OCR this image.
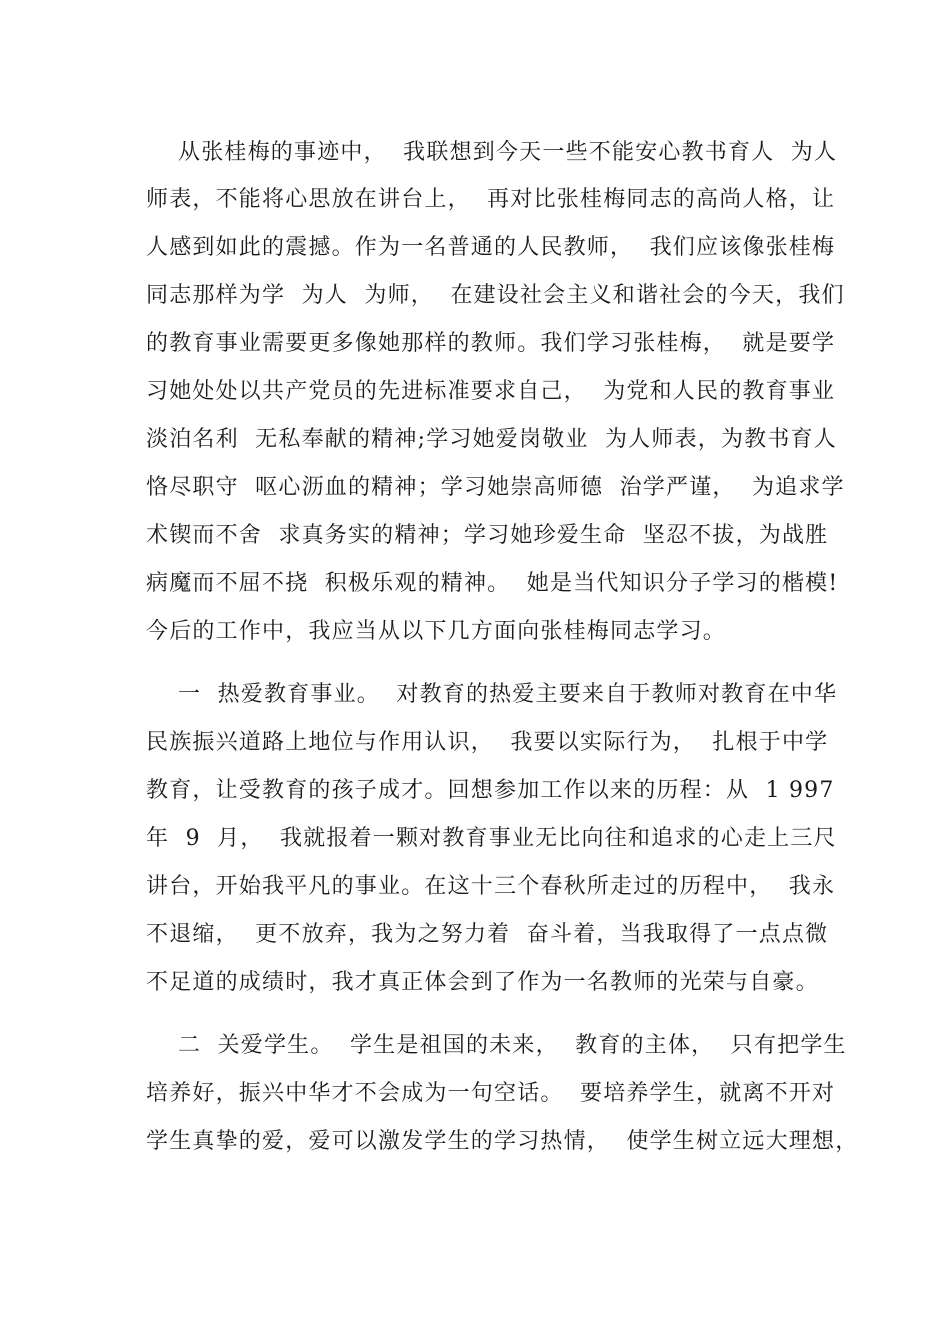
从张桂梅的事迹中，  我联想到今天一些不能安心教书育人  为人
师表，不能将心思放在讲台上，  再对比张桂梅同志的高尚人格，让
人感到如此的震撼。作为一名普通的人民教师，  我们应该像张桂梅
同志那样为学  为人  为师，  在建设社会主义和谐社会的今天，我们
的教育事业需要更多像她那样的教师。我们学习张桂梅，  就是要学
习她处处以共产党员的先进标准要求自己，  为党和人民的教育事业
淡泊名利  无私奉献的精神;学习她爱岗敬业  为人师表，为教书育人
恪尽职守  呕心沥血的精神；学习她崇高师德  治学严谨，  为追求学
术锲而不舍  求真务实的精神；学习她珍爱生命  坚忍不拔，为战胜
病魔而不屈不挠  积极乐观的精神。  她是当代知识分子学习的楷模!
今后的工作中，我应当从以下几方面向张桂梅同志学习。
一  热爱教育事业。  对教育的热爱主要来自于教师对教育在中华
民族振兴道路上地位与作用认识，  我要以实际行为，  扎根于中学
教育，让受教育的孩子成才。回想参加工作以来的历程：从  1 997
年  9  月，  我就报着一颗对教育事业无比向往和追求的心走上三尺
讲台，开始我平凡的事业。在这十三个春秋所走过的历程中，  我永
不退缩，  更不放弃，我为之努力着  奋斗着，当我取得了一点点微
不足道的成绩时，我才真正体会到了作为一名教师的光荣与自豪。
二  关爱学生。  学生是祖国的未来，  教育的主体，  只有把学生
培养好，振兴中华才不会成为一句空话。  要培养学生，就离不开对
学生真挚的爱，爱可以激发学生的学习热情，  使学生树立远大理想，
